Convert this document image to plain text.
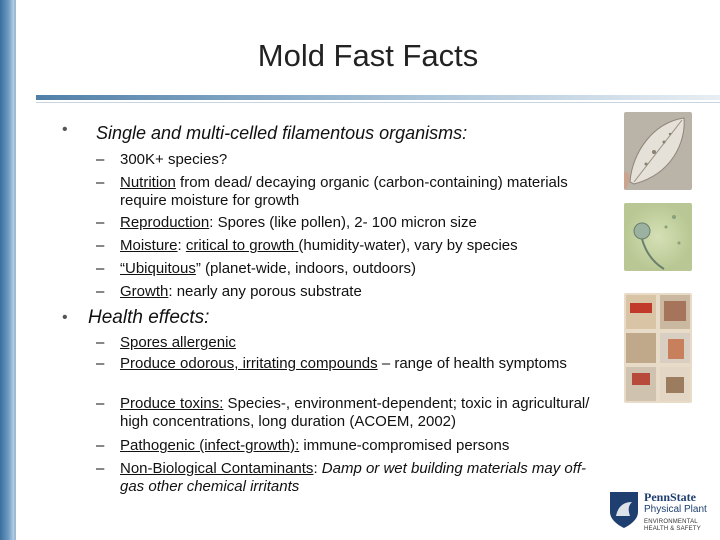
Mold Fast Facts
• Single and multi-celled filamentous organisms:
– 300K+ species?
– Nutrition from dead/ decaying organic (carbon-containing) materials require moisture for growth
– Reproduction: Spores (like pollen), 2- 100 micron size
– Moisture: critical to growth (humidity-water), vary by species
– “Ubiquitous” (planet-wide, indoors, outdoors)
– Growth: nearly any porous substrate
• Health effects:
– Spores allergenic
– Produce odorous, irritating compounds – range of health symptoms
– Produce toxins: Species-, environment-dependent; toxic in agricultural/ high concentrations, long duration (ACOEM, 2002)
– Pathogenic (infect-growth): immune-compromised persons
– Non-Biological Contaminants: Damp or wet building materials may off-gas other chemical irritants
PennState
Physical Plant
ENVIRONMENTAL
HEALTH & SAFETY
